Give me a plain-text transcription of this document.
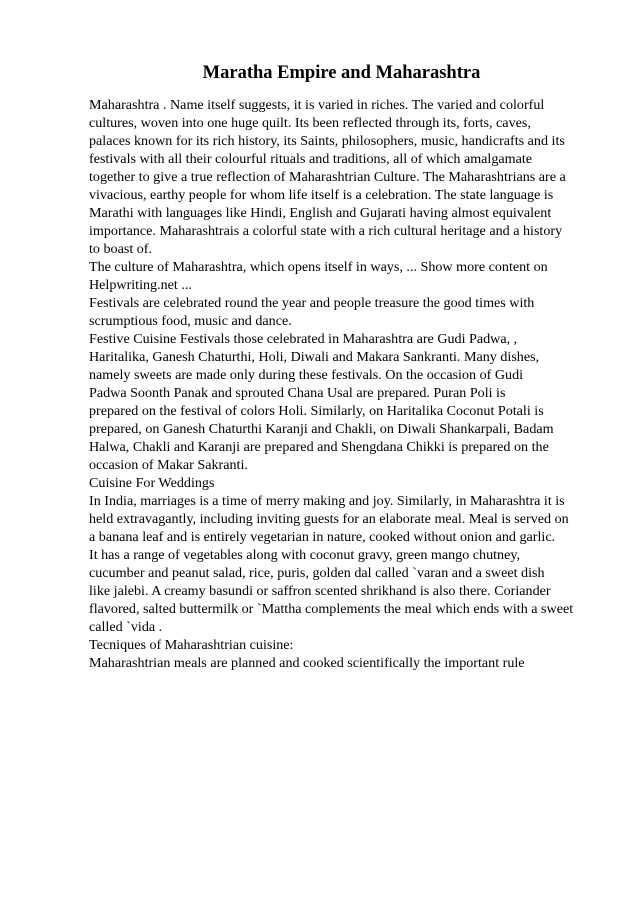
Maratha Empire and Maharashtra
Maharashtra . Name itself suggests, it is varied in riches. The varied and colorful
cultures, woven into one huge quilt. Its been reflected through its, forts, caves,
palaces known for its rich history, its Saints, philosophers, music, handicrafts and its
festivals with all their colourful rituals and traditions, all of which amalgamate
together to give a true reflection of Maharashtrian Culture. The Maharashtrians are a
vivacious, earthy people for whom life itself is a celebration. The state language is
Marathi with languages like Hindi, English and Gujarati having almost equivalent
importance. Maharashtrais a colorful state with a rich cultural heritage and a history
to boast of.
The culture of Maharashtra, which opens itself in ways, ... Show more content on
Helpwriting.net ...
Festivals are celebrated round the year and people treasure the good times with
scrumptious food, music and dance.
Festive Cuisine Festivals those celebrated in Maharashtra are Gudi Padwa, ,
Haritalika, Ganesh Chaturthi, Holi, Diwali and Makara Sankranti. Many dishes,
namely sweets are made only during these festivals. On the occasion of Gudi
Padwa Soonth Panak and sprouted Chana Usal are prepared. Puran Poli is
prepared on the festival of colors Holi. Similarly, on Haritalika Coconut Potali is
prepared, on Ganesh Chaturthi Karanji and Chakli, on Diwali Shankarpali, Badam
Halwa, Chakli and Karanji are prepared and Shengdana Chikki is prepared on the
occasion of Makar Sakranti.
Cuisine For Weddings
In India, marriages is a time of merry making and joy. Similarly, in Maharashtra it is
held extravagantly, including inviting guests for an elaborate meal. Meal is served on
a banana leaf and is entirely vegetarian in nature, cooked without onion and garlic.
It has a range of vegetables along with coconut gravy, green mango chutney,
cucumber and peanut salad, rice, puris, golden dal called `varan and a sweet dish
like jalebi. A creamy basundi or saffron scented shrikhand is also there. Coriander
flavored, salted buttermilk or `Mattha complements the meal which ends with a sweet
called `vida .
Tecniques of Maharashtrian cuisine:
Maharashtrian meals are planned and cooked scientifically the important rule
